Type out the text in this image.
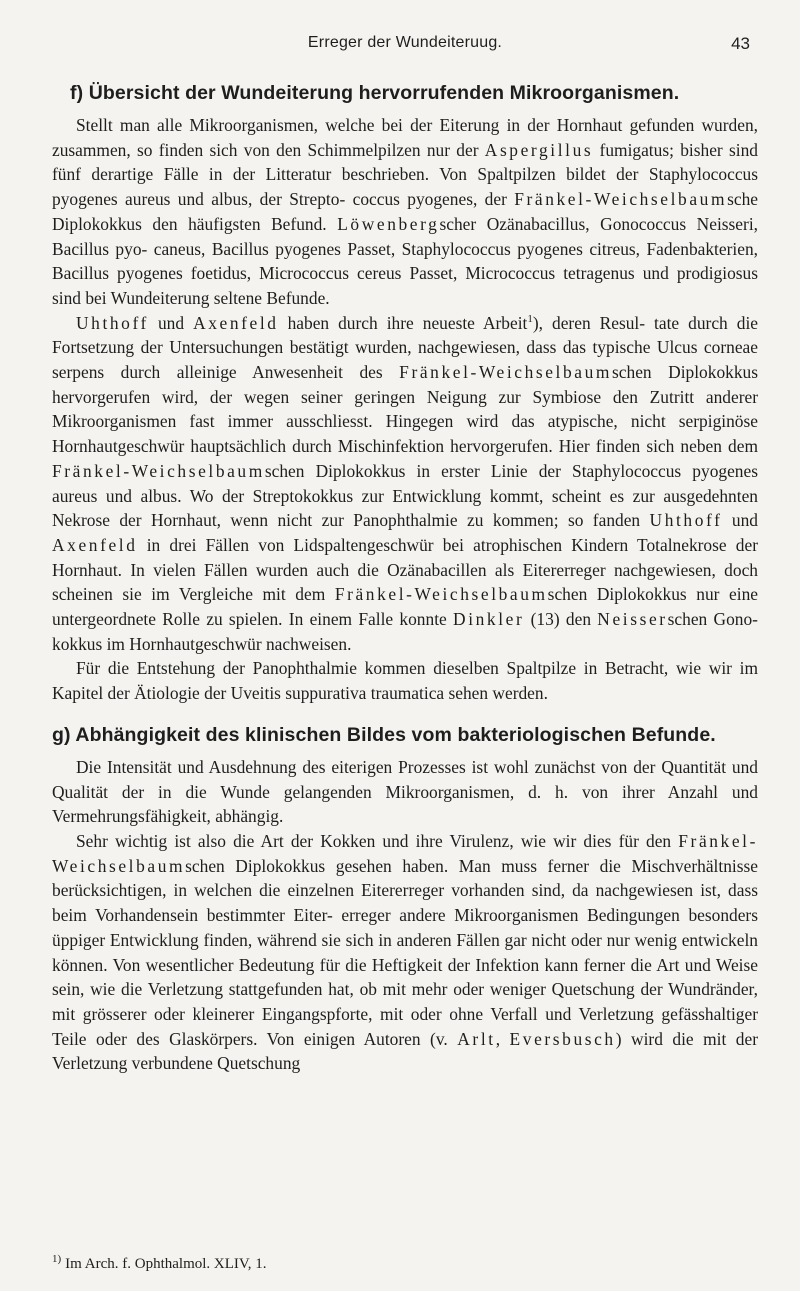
Erreger der Wundeiteruug.	43
f) Übersicht der Wundeiterung hervorrufenden Mikroorganismen.

Stellt man alle Mikroorganismen, welche bei der Eiterung in der Hornhaut gefunden wurden, zusammen, so finden sich von den Schimmelpilzen nur der Aspergillus fumigatus; bisher sind fünf derartige Fälle in der Litteratur beschrieben. Von Spaltpilzen bildet der Staphylococcus pyogenes aureus und albus, der Strepto- coccus pyogenes, der Fränkel-Weichselbaumsche Diplokokkus den häufigsten Befund. Löwenbergscher Ozänabacillus, Gonococcus Neisseri, Bacillus pyo- caneus, Bacillus pyogenes Passet, Staphylococcus pyogenes citreus, Fadenbakterien, Bacillus pyogenes foetidus, Micrococcus cereus Passet, Micrococcus tetragenus und prodigiosus sind bei Wundeiterung seltene Befunde.

Uhthoff und Axenfeld haben durch ihre neueste Arbeit$^1$), deren Resul- tate durch die Fortsetzung der Untersuchungen bestätigt wurden, nachgewiesen, dass das typische Ulcus corneae serpens durch alleinige Anwesenheit des Fränkel-Weichselbaumschen Diplokokkus hervorgerufen wird, der wegen seiner geringen Neigung zur Symbiose den Zutritt anderer Mikroorganismen fast immer ausschliesst. Hingegen wird das atypische, nicht serpiginöse Hornhautgeschwür hauptsächlich durch Mischinfektion hervorgerufen. Hier finden sich neben dem Fränkel-Weichselbaumschen Diplokokkus in erster Linie der Staphylococcus pyogenes aureus und albus. Wo der Streptokokkus zur Entwicklung kommt, scheint es zur ausgedehnten Nekrose der Hornhaut, wenn nicht zur Panophthalmie zu kommen; so fanden Uhthoff und Axenfeld in drei Fällen von Lidspaltengeschwür bei atrophischen Kindern Totalnekrose der Hornhaut. In vielen Fällen wurden auch die Ozänabacillen als Eitererreger nachgewiesen, doch scheinen sie im Vergleiche mit dem Fränkel-Weichselbaumschen Diplokokkus nur eine untergeordnete Rolle zu spielen. In einem Falle konnte Dinkler (13) den Neisserschen Gono- kokkus im Hornhautgeschwür nachweisen.

Für die Entstehung der Panophthalmie kommen dieselben Spaltpilze in Betracht, wie wir im Kapitel der Ätiologie der Uveitis suppurativa traumatica sehen werden.

g) Abhängigkeit des klinischen Bildes vom bakteriologischen Befunde.

Die Intensität und Ausdehnung des eiterigen Prozesses ist wohl zunächst von der Quantität und Qualität der in die Wunde gelangenden Mikroorganismen, d. h. von ihrer Anzahl und Vermehrungsfähigkeit, abhängig.

Sehr wichtig ist also die Art der Kokken und ihre Virulenz, wie wir dies für den Fränkel-Weichselbaumschen Diplokokkus gesehen haben. Man muss ferner die Mischverhältnisse berücksichtigen, in welchen die einzelnen Eitererreger vorhanden sind, da nachgewiesen ist, dass beim Vorhandensein bestimmter Eiter- erreger andere Mikroorganismen Bedingungen besonders üppiger Entwicklung finden, während sie sich in anderen Fällen gar nicht oder nur wenig entwickeln können. Von wesentlicher Bedeutung für die Heftigkeit der Infektion kann ferner die Art und Weise sein, wie die Verletzung stattgefunden hat, ob mit mehr oder weniger Quetschung der Wundränder, mit grösserer oder kleinerer Eingangspforte, mit oder ohne Verfall und Verletzung gefässhaltiger Teile oder des Glaskörpers. Von einigen Autoren (v. Arlt, Eversbusch) wird die mit der Verletzung verbundene Quetschung

$^{1)}$ Im Arch. f. Ophthalmol. XLIV, 1.
